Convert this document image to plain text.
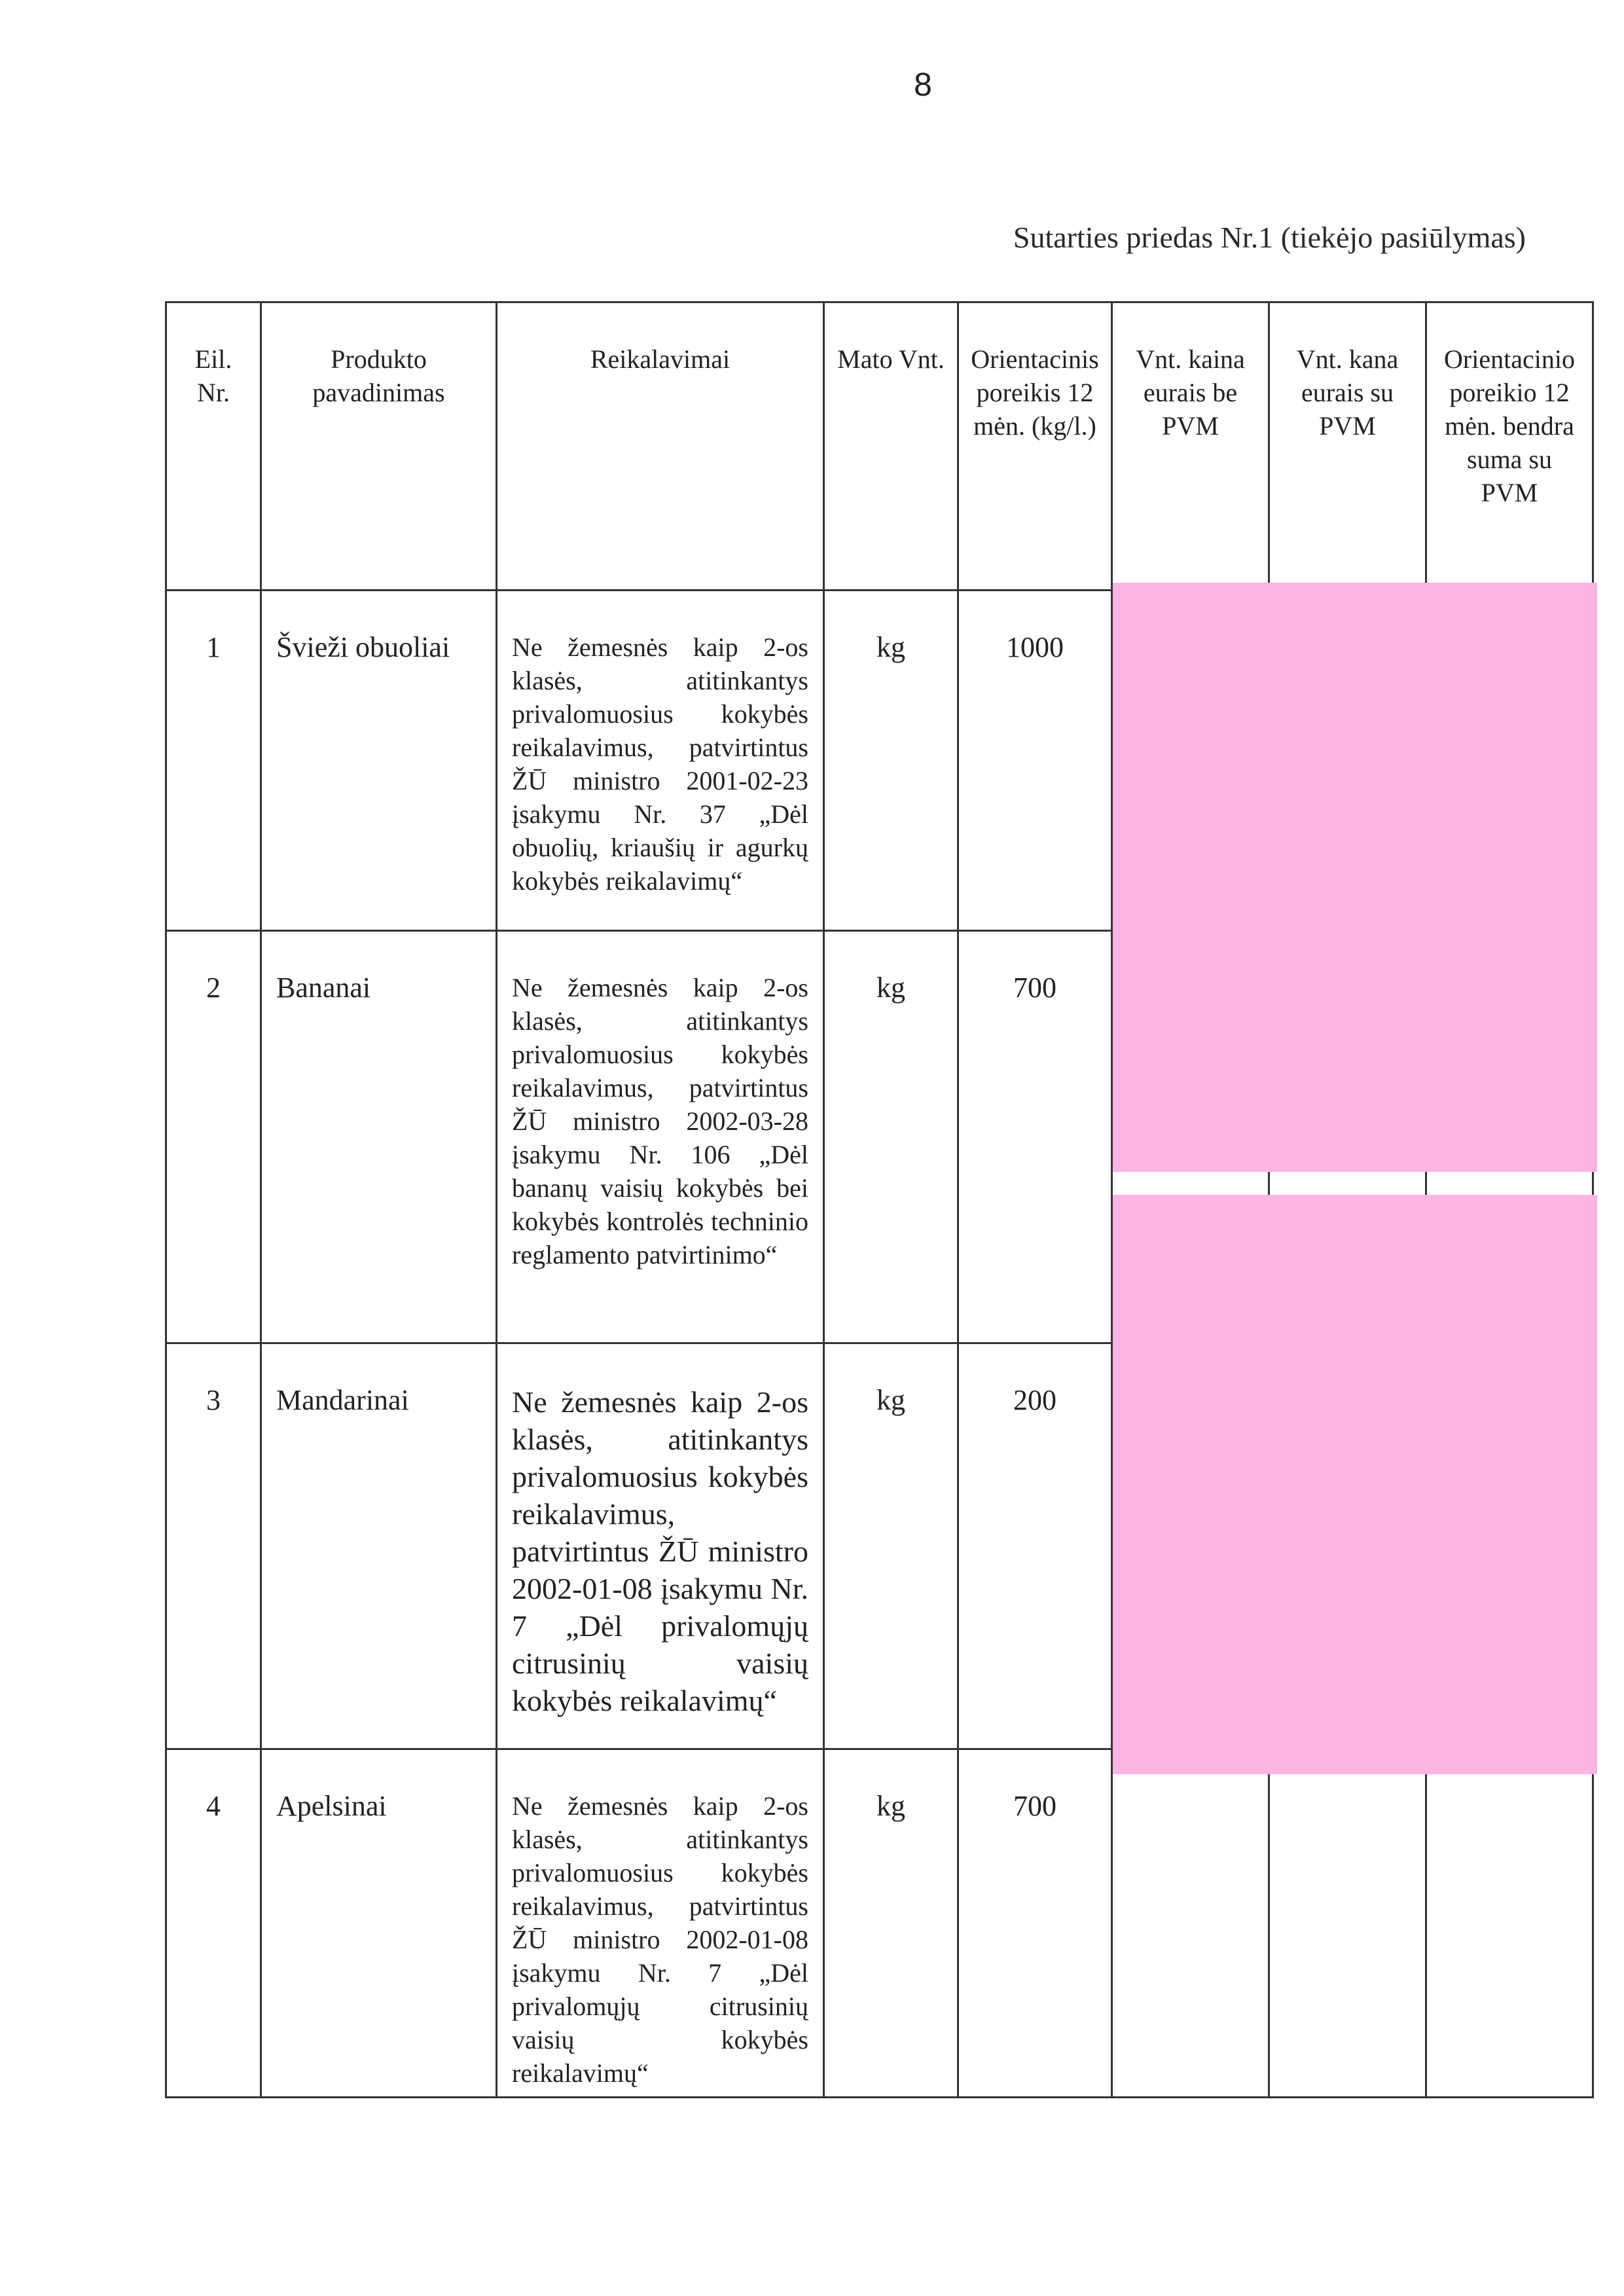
8
Sutarties priedas Nr.1 (tiekėjo pasiūlymas)
Eil. Nr.	Produkto pavadinimas	Reikalavimai	Mato Vnt.	Orientacinis poreikis 12 mėn. (kg/l.)	Vnt. kaina eurais be PVM	Vnt. kana eurais su PVM	Orientacinio poreikio 12 mėn. bendra suma su PVM
1	Švieži obuoliai	Ne žemesnės kaip 2-os klasės, atitinkantys privalomuosius kokybės reikalavimus, patvirtintus ŽŪ ministro 2001-02-23 įsakymu Nr. 37 „Dėl obuolių, kriaušių ir agurkų kokybės reikalavimų“	kg	1000			
2	Bananai	Ne žemesnės kaip 2-os klasės, atitinkantys privalomuosius kokybės reikalavimus, patvirtintus ŽŪ ministro 2002-03-28 įsakymu Nr. 106 „Dėl bananų vaisių kokybės bei kokybės kontrolės techninio reglamento patvirtinimo“	kg	700			
3	Mandarinai	Ne žemesnės kaip 2-os klasės, atitinkantys privalomuosius kokybės reikalavimus, patvirtintus ŽŪ ministro 2002-01-08 įsakymu Nr. 7 „Dėl privalomųjų citrusinių vaisių kokybės reikalavimų“	kg	200			
4	Apelsinai	Ne žemesnės kaip 2-os klasės, atitinkantys privalomuosius kokybės reikalavimus, patvirtintus ŽŪ ministro 2002-01-08 įsakymu Nr. 7 „Dėl privalomųjų citrusinių vaisių kokybės reikalavimų“	kg	700			
